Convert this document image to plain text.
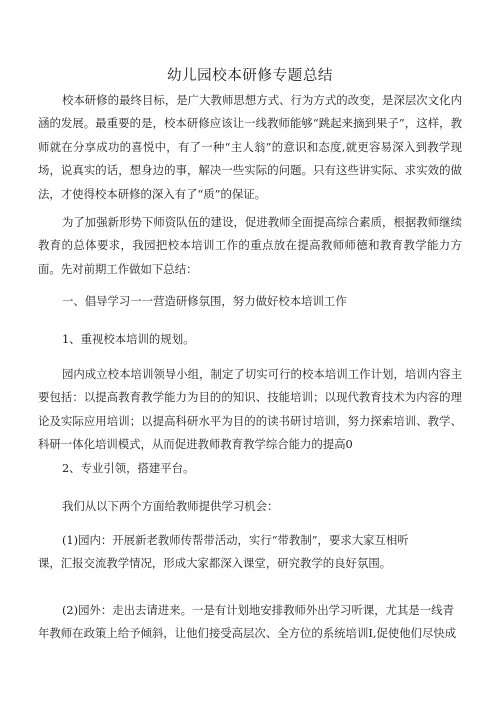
幼儿园校本研修专题总结

校本研修的最终目标，是广大教师思想方式、行为方式的改变，是深层次文化内涵的发展。最重要的是，校本研修应该让一线教师能够“跳起来摘到果子”，这样，教师就在分享成功的喜悦中，有了一种“主人翁”的意识和态度,就更容易深入到教学现场，说真实的话，想身边的事，解决一些实际的问题。只有这些讲实际、求实效的做法，才使得校本研修的深入有了“质”的保证。

为了加强新形势下师资队伍的建设，促进教师全面提高综合素质，根据教师继续教育的总体要求，我园把校本培训工作的重点放在提高教师师德和教育教学能力方面。先对前期工作做如下总结：

一、倡导学习一一营造研修氛围，努力做好校本培训工作

1、重视校本培训的规划。

园内成立校本培训领导小组，制定了切实可行的校本培训工作计划，培训内容主要包括：以提高教育教学能力为目的的知识、技能培训；以现代教育技术为内容的理论及实际应用培训；以提高科研水平为目的的读书研讨培训，努力探索培训、教学、科研一体化培训模式，从而促进教师教育教学综合能力的提高0

2、专业引领，搭建平台。

我们从以下两个方面给教师提供学习机会：

(1)园内：开展新老教师传帮带活动，实行“带教制”，要求大家互相听
课，汇报交流教学情况，形成大家都深入课堂，研究教学的良好氛围。
(2)园外：走出去请进来。一是有计划地安排教师外出学习听课，尤其是一线青
年教师在政策上给予倾斜，让他们接受高层次、全方位的系统培训I,促使他们尽快成
